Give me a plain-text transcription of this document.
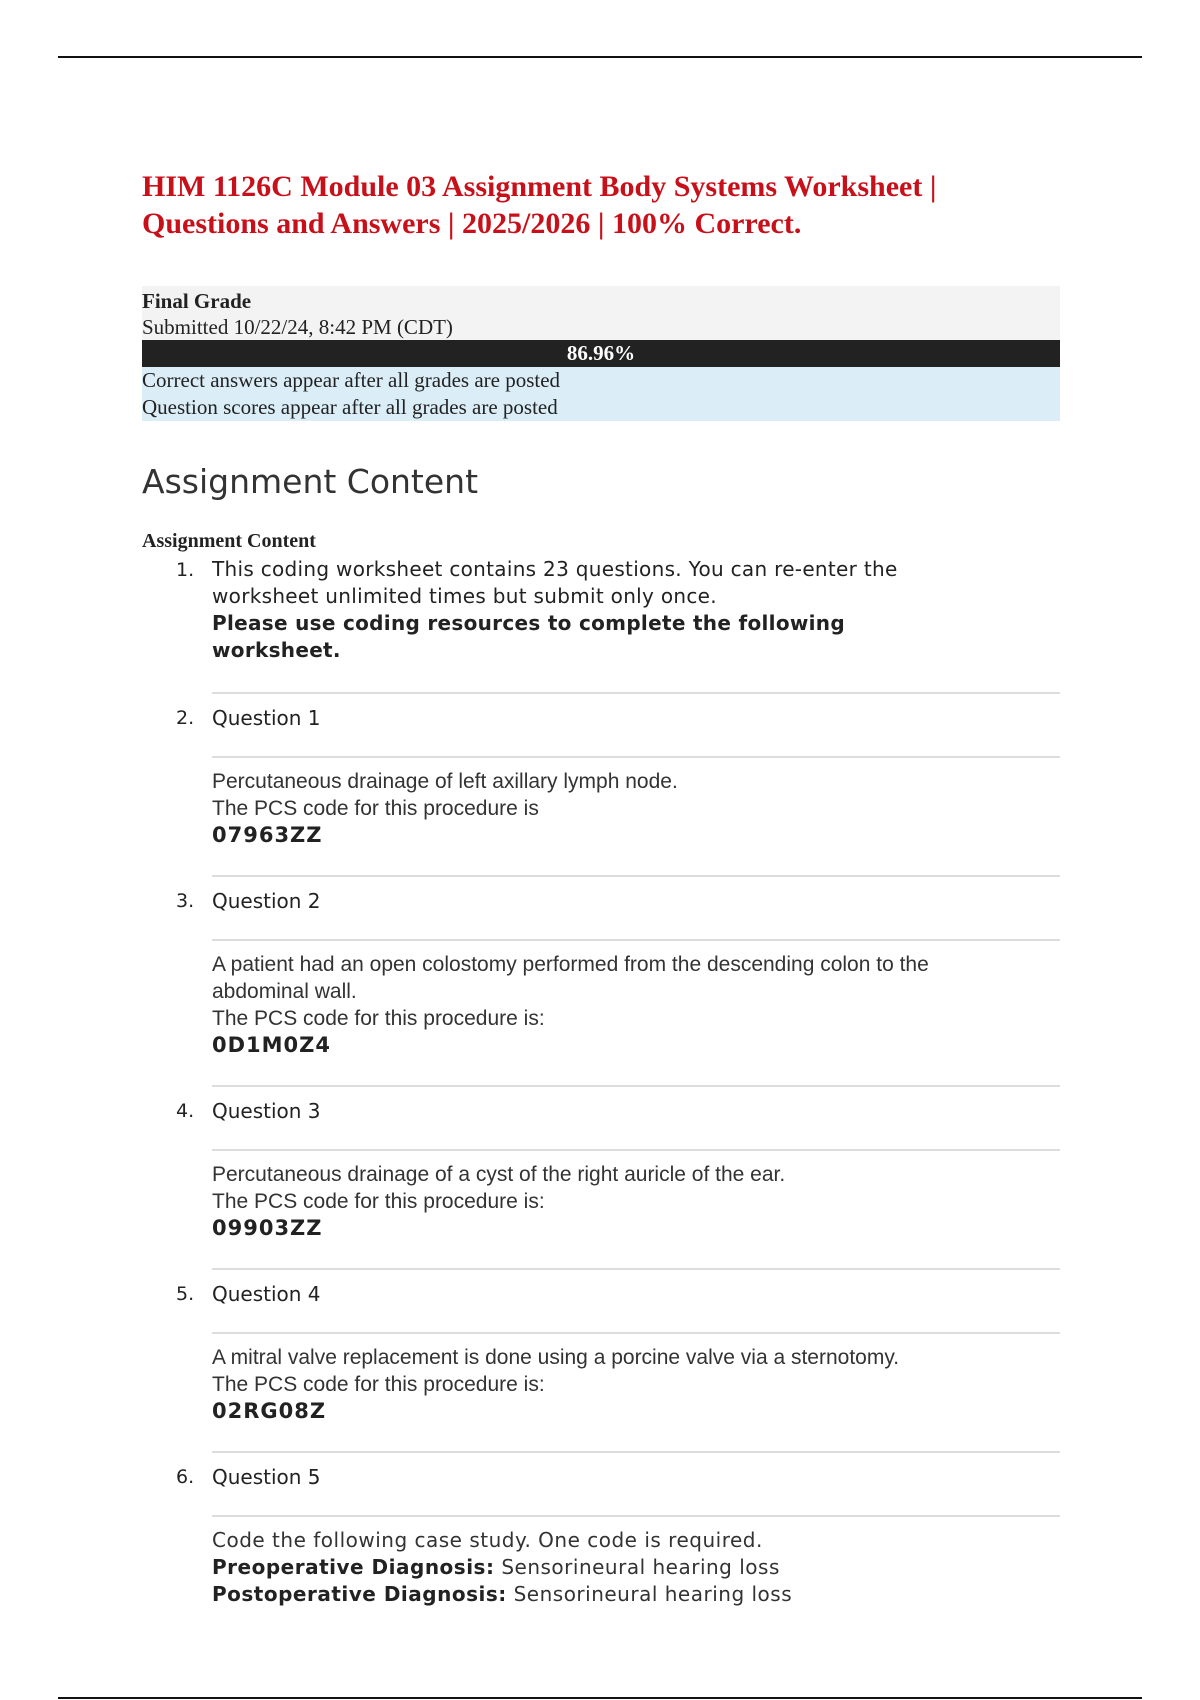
HIM 1126C Module 03 Assignment Body Systems Worksheet |
Questions and Answers | 2025/2026 | 100% Correct.
Final Grade
Submitted 10/22/24, 8:42 PM (CDT)
86.96%
Correct answers appear after all grades are posted
Question scores appear after all grades are posted
Assignment Content
Assignment Content
1. This coding worksheet contains 23 questions. You can re-enter the
worksheet unlimited times but submit only once.
Please use coding resources to complete the following
worksheet.
2. Question 1
Percutaneous drainage of left axillary lymph node.
The PCS code for this procedure is
07963ZZ
3. Question 2
A patient had an open colostomy performed from the descending colon to the
abdominal wall.
The PCS code for this procedure is:
0D1M0Z4
4. Question 3
Percutaneous drainage of a cyst of the right auricle of the ear.
The PCS code for this procedure is:
09903ZZ
5. Question 4
A mitral valve replacement is done using a porcine valve via a sternotomy.
The PCS code for this procedure is:
02RG08Z
6. Question 5
Code the following case study. One code is required.
Preoperative Diagnosis: Sensorineural hearing loss
Postoperative Diagnosis: Sensorineural hearing loss
